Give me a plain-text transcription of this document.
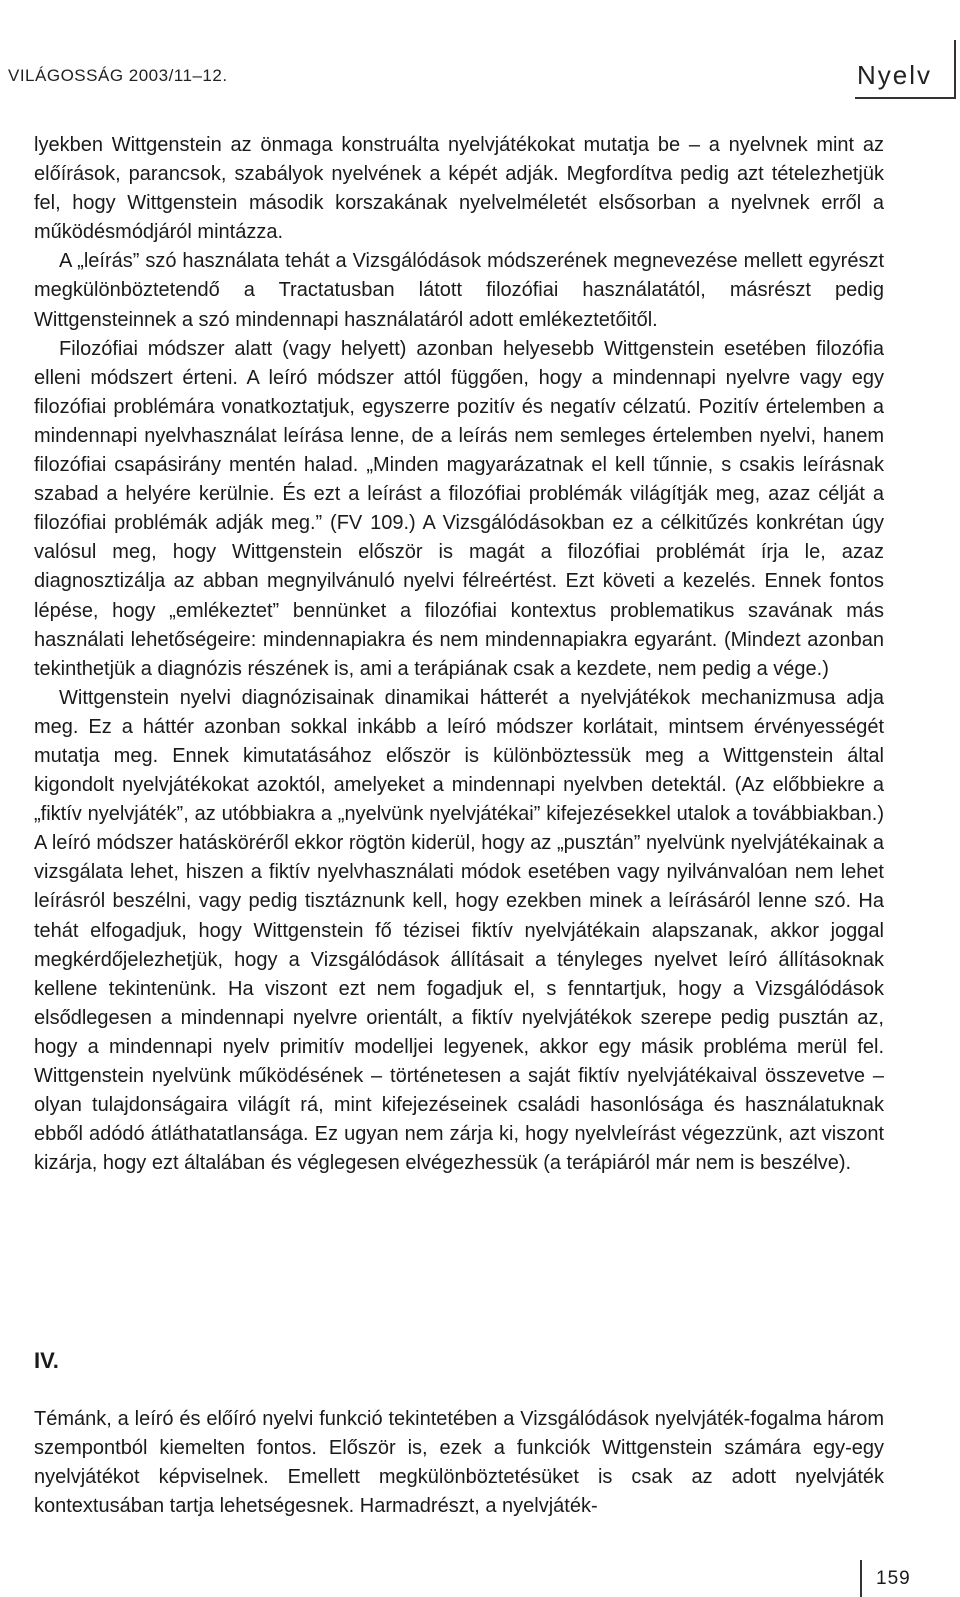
VILÁGOSSÁG 2003/11–12.	Nyelv

lyekben Wittgenstein az önmaga konstruálta nyelvjátékokat mutatja be – a nyelvnek mint az előírások, parancsok, szabályok nyelvének a képét adják. Megfordítva pedig azt tételezhetjük fel, hogy Wittgenstein második korszakának nyelvelméletét elsősorban a nyelvnek erről a működésmódjáról mintázza.

A „leírás” szó használata tehát a Vizsgálódások módszerének megnevezése mellett egyrészt megkülönböztetendő a Tractatusban látott filozófiai használatától, másrészt pedig Wittgensteinnek a szó mindennapi használatáról adott emlékeztetőitől.

Filozófiai módszer alatt (vagy helyett) azonban helyesebb Wittgenstein esetében filozófia elleni módszert érteni. A leíró módszer attól függően, hogy a mindennapi nyelvre vagy egy filozófiai problémára vonatkoztatjuk, egyszerre pozitív és negatív célzatú. Pozitív értelemben a mindennapi nyelvhasználat leírása lenne, de a leírás nem semleges értelemben nyelvi, hanem filozófiai csapásirány mentén halad. „Minden magyarázatnak el kell tűnnie, s csakis leírásnak szabad a helyére kerülnie. És ezt a leírást a filozófiai problémák világítják meg, azaz célját a filozófiai problémák adják meg.” (FV 109.) A Vizsgálódásokban ez a célkitűzés konkrétan úgy valósul meg, hogy Wittgenstein először is magát a filozófiai problémát írja le, azaz diagnosztizálja az abban megnyilvánuló nyelvi félreértést. Ezt követi a kezelés. Ennek fontos lépése, hogy „emlékeztet” bennünket a filozófiai kontextus problematikus szavának más használati lehetőségeire: mindennapiakra és nem mindennapiakra egyaránt. (Mindezt azonban tekinthetjük a diagnózis részének is, ami a terápiának csak a kezdete, nem pedig a vége.)

Wittgenstein nyelvi diagnózisainak dinamikai hátterét a nyelvjátékok mechanizmusa adja meg. Ez a háttér azonban sokkal inkább a leíró módszer korlátait, mintsem érvényességét mutatja meg. Ennek kimutatásához először is különböztessük meg a Wittgenstein által kigondolt nyelvjátékokat azoktól, amelyeket a mindennapi nyelvben detektál. (Az előbbiekre a „fiktív nyelvjáték”, az utóbbiakra a „nyelvünk nyelvjátékai” kifejezésekkel utalok a továbbiakban.) A leíró módszer hatásköréről ekkor rögtön kiderül, hogy az „pusztán” nyelvünk nyelvjátékainak a vizsgálata lehet, hiszen a fiktív nyelvhasználati módok esetében vagy nyilvánvalóan nem lehet leírásról beszélni, vagy pedig tisztáznunk kell, hogy ezekben minek a leírásáról lenne szó. Ha tehát elfogadjuk, hogy Wittgenstein fő tézisei fiktív nyelvjátékain alapszanak, akkor joggal megkérdőjelezhetjük, hogy a Vizsgálódások állításait a tényleges nyelvet leíró állításoknak kellene tekintenünk. Ha viszont ezt nem fogadjuk el, s fenntartjuk, hogy a Vizsgálódások elsődlegesen a mindennapi nyelvre orientált, a fiktív nyelvjátékok szerepe pedig pusztán az, hogy a mindennapi nyelv primitív modelljei legyenek, akkor egy másik probléma merül fel. Wittgenstein nyelvünk működésének – történetesen a saját fiktív nyelvjátékaival összevetve – olyan tulajdonságaira világít rá, mint kifejezéseinek családi hasonlósága és használatuknak ebből adódó átláthatatlansága. Ez ugyan nem zárja ki, hogy nyelvleírást végezzünk, azt viszont kizárja, hogy ezt általában és véglegesen elvégezhessük (a terápiáról már nem is beszélve).

IV.

Témánk, a leíró és előíró nyelvi funkció tekintetében a Vizsgálódások nyelvjáték-fogalma három szempontból kiemelten fontos. Először is, ezek a funkciók Wittgenstein számára egy-egy nyelvjátékot képviselnek. Emellett megkülönböztetésüket is csak az adott nyelvjáték kontextusában tartja lehetségesnek. Harmadrészt, a nyelvjáték-

159
